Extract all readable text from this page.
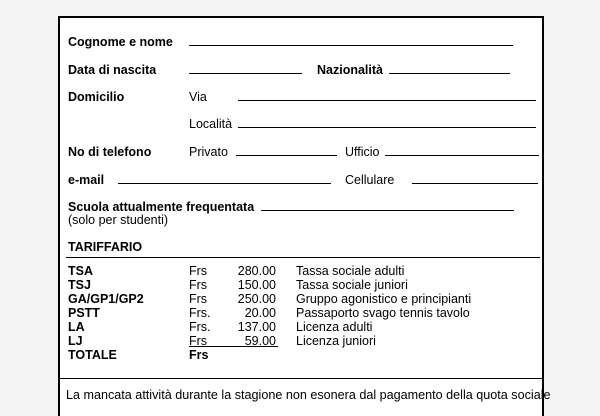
Cognome e nome
Data di nascita	Nazionalità
Domicilio	Via
Località
No di telefono	Privato	Ufficio
e-mail	Cellulare
Scuola attualmente frequentata
(solo per studenti)
TARIFFARIO
TSA	Frs	280.00 Tassa sociale adulti
TSJ	Frs	150.00 Tassa sociale juniori
GA/GP1/GP2	Frs	250.00 Gruppo agonistico e principianti
PSTT	Frs.	20.00 Passaporto svago tennis tavolo
LA	Frs.	137.00 Licenza adulti
LJ	Frs	59.00 Licenza juniori
TOTALE	Frs
La mancata attività durante la stagione non esonera dal pagamento della quota sociale
